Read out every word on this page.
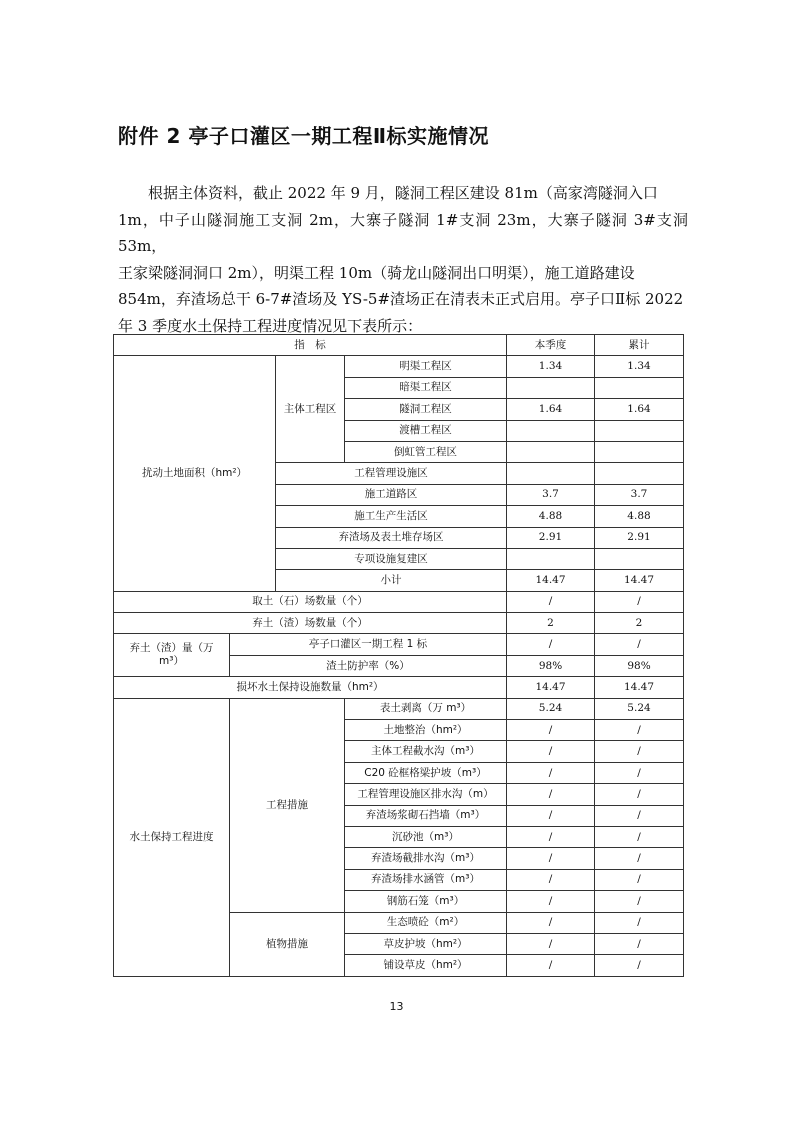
附件 2 亭子口灌区一期工程Ⅱ标实施情况

根据主体资料，截止 2022 年 9 月，隧洞工程区建设 81m（高家湾隧洞入口

1m，中子山隧洞施工支洞 2m，大寨子隧洞 1#支洞 23m，大寨子隧洞 3#支洞 53m，

王家梁隧洞洞口 2m），明渠工程 10m（骑龙山隧洞出口明渠），施工道路建设

854m，弃渣场总干 6-7#渣场及 YS-5#渣场正在清表未正式启用。亭子口Ⅱ标 2022

年 3 季度水土保持工程进度情况见下表所示：

指　标				本季度	累计
扰动土地面积（hm²）		主体工程区	明渠工程区	1.34	1.34
			暗渠工程区		
			隧洞工程区	1.64	1.64
			渡槽工程区		
			倒虹管工程区		
		工程管理设施区			
		施工道路区		3.7	3.7
		施工生产生活区		4.88	4.88
		弃渣场及表土堆存场区		2.91	2.91
		专项设施复建区			
		小计		14.47	14.47
取土（石）场数量（个）				/	/
弃土（渣）场数量（个）				2	2
弃土（渣）量（万 m³）	亭子口灌区一期工程 1 标			/	/
	渣土防护率（%）			98%	98%
损坏水土保持设施数量（hm²）				14.47	14.47
水土保持工程进度	工程措施		表土剥离（万 m³）	5.24	5.24
			土地整治（hm²）	/	/
			主体工程截水沟（m³）	/	/
			C20 砼框格梁护坡（m³）	/	/
			工程管理设施区排水沟（m）	/	/
			弃渣场浆砌石挡墙（m³）	/	/
			沉砂池（m³）	/	/
			弃渣场截排水沟（m³）	/	/
			弃渣场排水涵管（m³）	/	/
			钢筋石笼（m³）	/	/
	植物措施		生态喷砼（m²）	/	/
			草皮护坡（hm²）	/	/
			铺设草皮（hm²）	/	/
13
